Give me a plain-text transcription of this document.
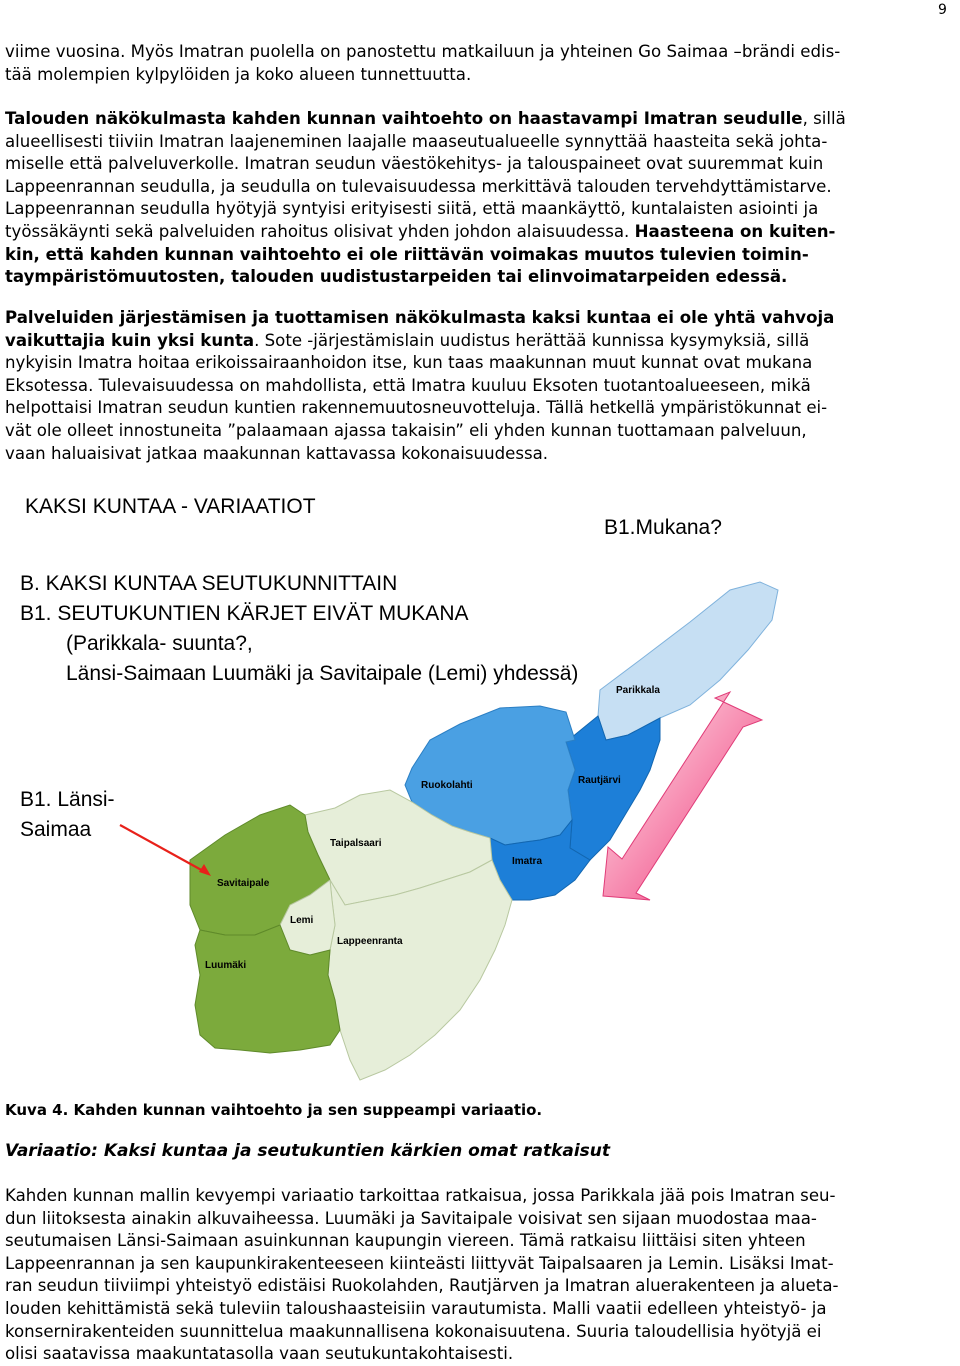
9
viime vuosina. Myös Imatran puolella on panostettu matkailuun ja yhteinen Go Saimaa –brändi edis-
tää molempien kylpylöiden ja koko alueen tunnettuutta.
Talouden näkökulmasta kahden kunnan vaihtoehto on haastavampi Imatran seudulle, sillä
alueellisesti tiiviin Imatran laajeneminen laajalle maaseutualueelle synnyttää haasteita sekä johta-
miselle että palveluverkolle. Imatran seudun väestökehitys- ja talouspaineet ovat suuremmat kuin
Lappeenrannan seudulla, ja seudulla on tulevaisuudessa merkittävä talouden tervehdyttämistarve.
Lappeenrannan seudulla hyötyjä syntyisi erityisesti siitä, että maankäyttö, kuntalaisten asiointi ja
työssäkäynti sekä palveluiden rahoitus olisivat yhden johdon alaisuudessa. Haasteena on kuiten-
kin, että kahden kunnan vaihtoehto ei ole riittävän voimakas muutos tulevien toimin-
taympäristömuutosten, talouden uudistustarpeiden tai elinvoimatarpeiden edessä.
Palveluiden järjestämisen ja tuottamisen näkökulmasta kaksi kuntaa ei ole yhtä vahvoja
vaikuttajia kuin yksi kunta. Sote -järjestämislain uudistus herättää kunnissa kysymyksiä, sillä
nykyisin Imatra hoitaa erikoissairaanhoidon itse, kun taas maakunnan muut kunnat ovat mukana
Eksotessa. Tulevaisuudessa on mahdollista, että Imatra kuuluu Eksoten tuotantoalueeseen, mikä
helpottaisi Imatran seudun kuntien rakennemuutosneuvotteluja. Tällä hetkellä ympäristökunnat ei-
vät ole olleet innostuneita ”palaamaan ajassa takaisin” eli yhden kunnan tuottamaan palveluun,
vaan haluaisivat jatkaa maakunnan kattavassa kokonaisuudessa.
Parikkala
Ruokolahti	Rautjärvi
Imatra
Taipalsaari
Savitaipale
Lemi
Lappeenranta
Luumäki
KAKSI KUNTAA - VARIAATIOT
B1.Mukana?
B. KAKSI KUNTAA SEUTUKUNNITTAIN
B1. SEUTUKUNTIEN KÄRJET EIVÄT MUKANA
(Parikkala- suunta?,
Länsi-Saimaan Luumäki ja Savitaipale (Lemi) yhdessä)
B1. Länsi-
Saimaa	IMATRA
Kuva 4. Kahden kunnan vaihtoehto ja sen suppeampi variaatio.
Variaatio: Kaksi kuntaa ja seutukuntien kärkien omat ratkaisut
Kahden kunnan mallin kevyempi variaatio tarkoittaa ratkaisua, jossa Parikkala jää pois Imatran seu-
dun liitoksesta ainakin alkuvaiheessa. Luumäki ja Savitaipale voisivat sen sijaan muodostaa maa-
seutumaisen Länsi-Saimaan asuinkunnan kaupungin viereen. Tämä ratkaisu liittäisi siten yhteen
Lappeenrannan ja sen kaupunkirakenteeseen kiinteästi liittyvät Taipalsaaren ja Lemin. Lisäksi Imat-
ran seudun tiiviimpi yhteistyö edistäisi Ruokolahden, Rautjärven ja Imatran aluerakenteen ja alueta-
louden kehittämistä sekä tuleviin taloushaasteisiin varautumista. Malli vaatii edelleen yhteistyö- ja
konsernirakenteiden suunnittelua maakunnallisena kokonaisuutena. Suuria taloudellisia hyötyjä ei
olisi saatavissa maakuntatasolla vaan seutukuntakohtaisesti.
